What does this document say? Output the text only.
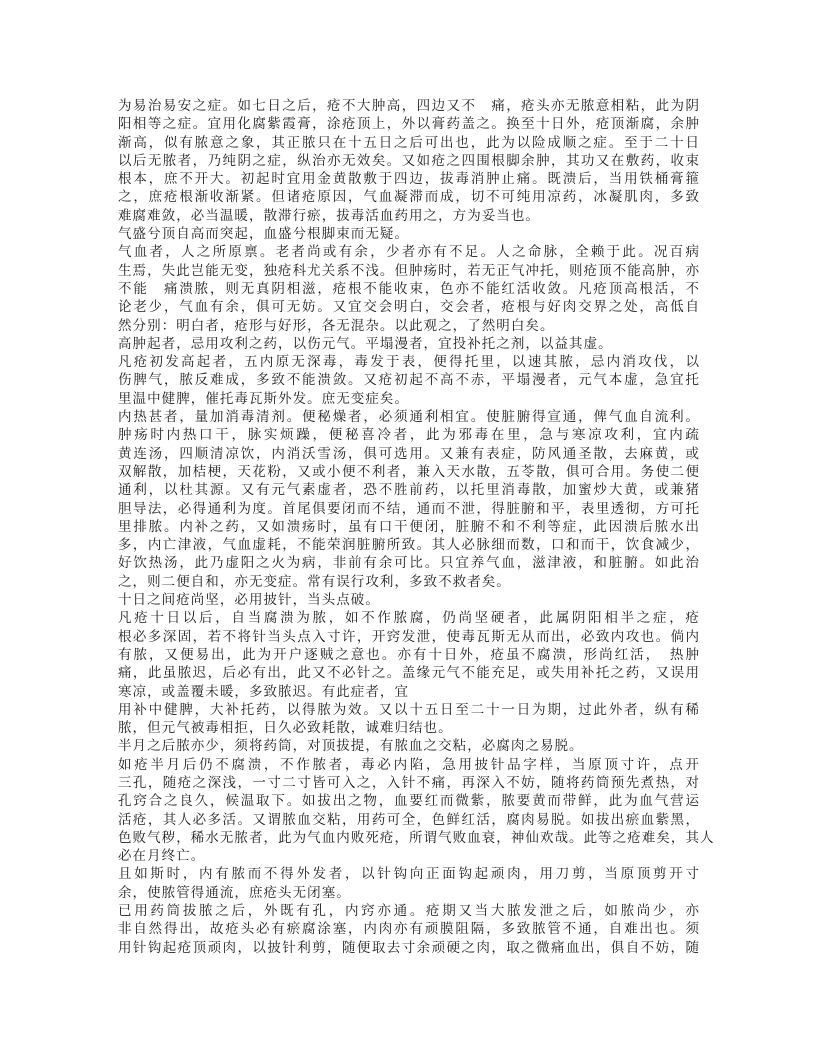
为易治易安之症。如七日之后，疮不大肿高，四边又不　痛，疮头亦无脓意相粘，此为阴
阳相等之症。宜用化腐紫霞膏，涂疮顶上，外以膏药盖之。换至十日外，疮顶渐腐，余肿
渐高，似有脓意之象，其正脓只在十五日之后可出也，此为以险成顺之症。至于二十日
以后无脓者，乃纯阴之症，纵治亦无效矣。又如疮之四围根脚余肿，其功又在敷药，收束
根本，庶不开大。初起时宜用金黄散敷于四边，拔毒消肿止痛。既溃后，当用铁桶膏箍
之，庶疮根渐收渐紧。但诸疮原因，气血凝滞而成，切不可纯用凉药，冰凝肌肉，多致
难腐难敛，必当温暖，散滞行瘀，拔毒活血药用之，方为妥当也。
气盛兮顶自高而突起，血盛兮根脚束而无疑。
气血者，人之所原禀。老者尚或有余，少者亦有不足。人之命脉，全赖于此。况百病
生焉，失此岂能无变，独疮科尤关系不浅。但肿疡时，若无正气冲托，则疮顶不能高肿，亦
不能　痛溃脓，则无真阴相滋，疮根不能收束，色亦不能红活收敛。凡疮顶高根活，不
论老少，气血有余，俱可无妨。又宜交会明白，交会者，疮根与好肉交界之处，高低自
然分别：明白者，疮形与好形，各无混杂。以此观之，了然明白矣。
高肿起者，忌用攻利之药，以伤元气。平塌漫者，宜投补托之剂，以益其虚。
凡疮初发高起者，五内原无深毒，毒发于表，便得托里，以速其脓，忌内消攻伐，以
伤脾气，脓反难成，多致不能溃敛。又疮初起不高不赤，平塌漫者，元气本虚，急宜托
里温中健脾，催托毒瓦斯外发。庶无变症矣。
内热甚者，量加消毒清剂。便秘燥者，必须通利相宜。使脏腑得宣通，俾气血自流利。
肿疡时内热口干，脉实烦躁，便秘喜冷者，此为邪毒在里，急与寒凉攻利，宜内疏
黄连汤，四顺清凉饮，内消沃雪汤，俱可选用。又兼有表症，防风通圣散，去麻黄，或
双解散，加桔梗，天花粉，又或小便不利者，兼入天水散，五苓散，俱可合用。务使二便
通利，以杜其源。又有元气素虚者，恐不胜前药，以托里消毒散，加蜜炒大黄，或兼猪
胆导法，必得通利为度。首尾俱要闭而不结，通而不泄，得脏腑和平，表里透彻，方可托
里排脓。内补之药，又如溃疡时，虽有口干便闭，脏腑不和不利等症，此因溃后脓水出
多，内亡津液，气血虚耗，不能荣润脏腑所致。其人必脉细而数，口和而干，饮食减少，
好饮热汤，此乃虚阳之火为病，非前有余可比。只宜养气血，滋津液，和脏腑。如此治
之，则二便自和，亦无变症。常有误行攻利，多致不救者矣。
十日之间疮尚坚，必用披针，当头点破。
凡疮十日以后，自当腐溃为脓，如不作脓腐，仍尚坚硬者，此属阴阳相半之症，疮
根必多深固，若不将针当头点入寸许，开窍发泄，使毒瓦斯无从而出，必致内攻也。倘内
有脓，又便易出，此为开户逐贼之意也。亦有十日外，疮虽不腐溃，形尚红活，　热肿
痛，此虽脓迟，后必有出，此又不必针之。盖缘元气不能充足，或失用补托之药，又误用
寒凉，或盖覆未暖，多致脓迟。有此症者，宜
用补中健脾，大补托药，以得脓为效。又以十五日至二十一日为期，过此外者，纵有稀
脓，但元气被毒相拒，日久必致耗散，诚难归结也。
半月之后脓亦少，须将药筒，对顶拔提，有脓血之交粘，必腐肉之易脱。
如疮半月后仍不腐溃，不作脓者，毒必内陷，急用披针品字样，当原顶寸许，点开
三孔，随疮之深浅，一寸二寸皆可入之，入针不痛，再深入不妨，随将药筒预先煮热，对
孔窍合之良久，候温取下。如拔出之物，血要红而微紫，脓要黄而带鲜，此为血气营运
活疮，其人必多活。又谓脓血交粘，用药可全，色鲜红活，腐肉易脱。如拔出瘀血紫黑，
色败气秽，稀水无脓者，此为气血内败死疮，所谓气败血衰，神仙欢哉。此等之疮难矣，其人
必在月终亡。
且如斯时，内有脓而不得外发者，以针钩向正面钩起顽肉，用刀剪，当原顶剪开寸
余，使脓管得通流，庶疮头无闭塞。
已用药筒拔脓之后，外既有孔，内窍亦通。疮期又当大脓发泄之后，如脓尚少，亦
非自然得出，故疮头必有瘀腐涂塞，内肉亦有顽膜阻隔，多致脓管不通，自难出也。须
用针钩起疮顶顽肉，以披针利剪，随便取去寸余顽硬之肉，取之微痛血出，俱自不妨，随
